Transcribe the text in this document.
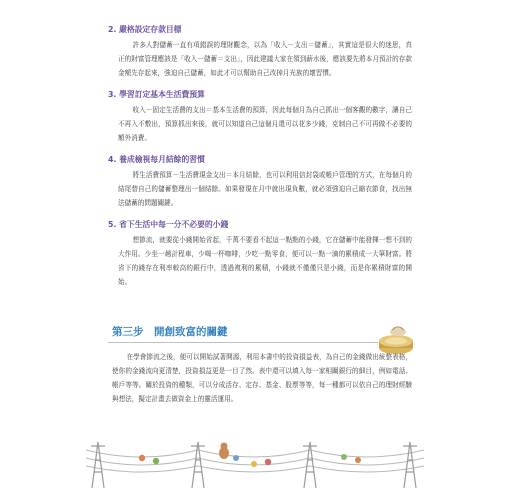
2. 嚴格設定存款目標

許多人對儲蓄一直有項錯誤的理財觀念，以為「收入－支出＝儲蓄」，其實這是很大的迷思，真正的財富管理應該是「收入－儲蓄＝支出」，因此建議大家在領到薪水後，應該要先將本月預計的存款金額先存起來，強迫自己儲蓄，如此才可以幫助自己改掉月光族的壞習慣。

3. 學習訂定基本生活費預算

收入－固定生活費的支出＝基本生活費的預算，因此每個月為自己抓出一個客觀的數字，讓自己不再入不敷出，預算抓出來後，就可以知道自己這個月還可以花多少錢，克制自己不可再做不必要的額外消費。

4. 養成檢視每月結餘的習慣

將生活費預算－生活費現金支出＝本月結餘，也可以利用信封袋或帳戶管理的方式，在每個月的結尾替自己的儲蓄整理出一個結餘。如果發現在月中就出現負數，就必須強迫自己縮衣節食，找出無法儲蓄的問題關鍵。

5. 省下生活中每一分不必要的小錢

想節流，就要從小錢開始省起，千萬不要看不起這一點點的小錢，它在儲蓄中能發揮一想不到的大作用。少坐一趟計程車，少喝一杯咖啡，少吃一點零食，便可以一點一滴的累積成一大筆財富。將省下的錢存在利率較高的銀行中，透過複利的累積，小錢就不僅僅只是小錢，而是你累積財富的開始。

第三步　開創致富的關鍵

在學會節流之後，便可以開始試著開源，利用本書中的投資損益表，為自己的金錢做出統整表格，使你的金錢流向更清楚，投資損益更是一目了然。表中還可以填入每一家相關銀行的細目，例如電話、帳戶等等。關於投資的種類，可以分成活存、定存、基金、股票等等，每一種都可以依自己的理財經驗與想法，擬定計畫去做資金上的靈活運用。
